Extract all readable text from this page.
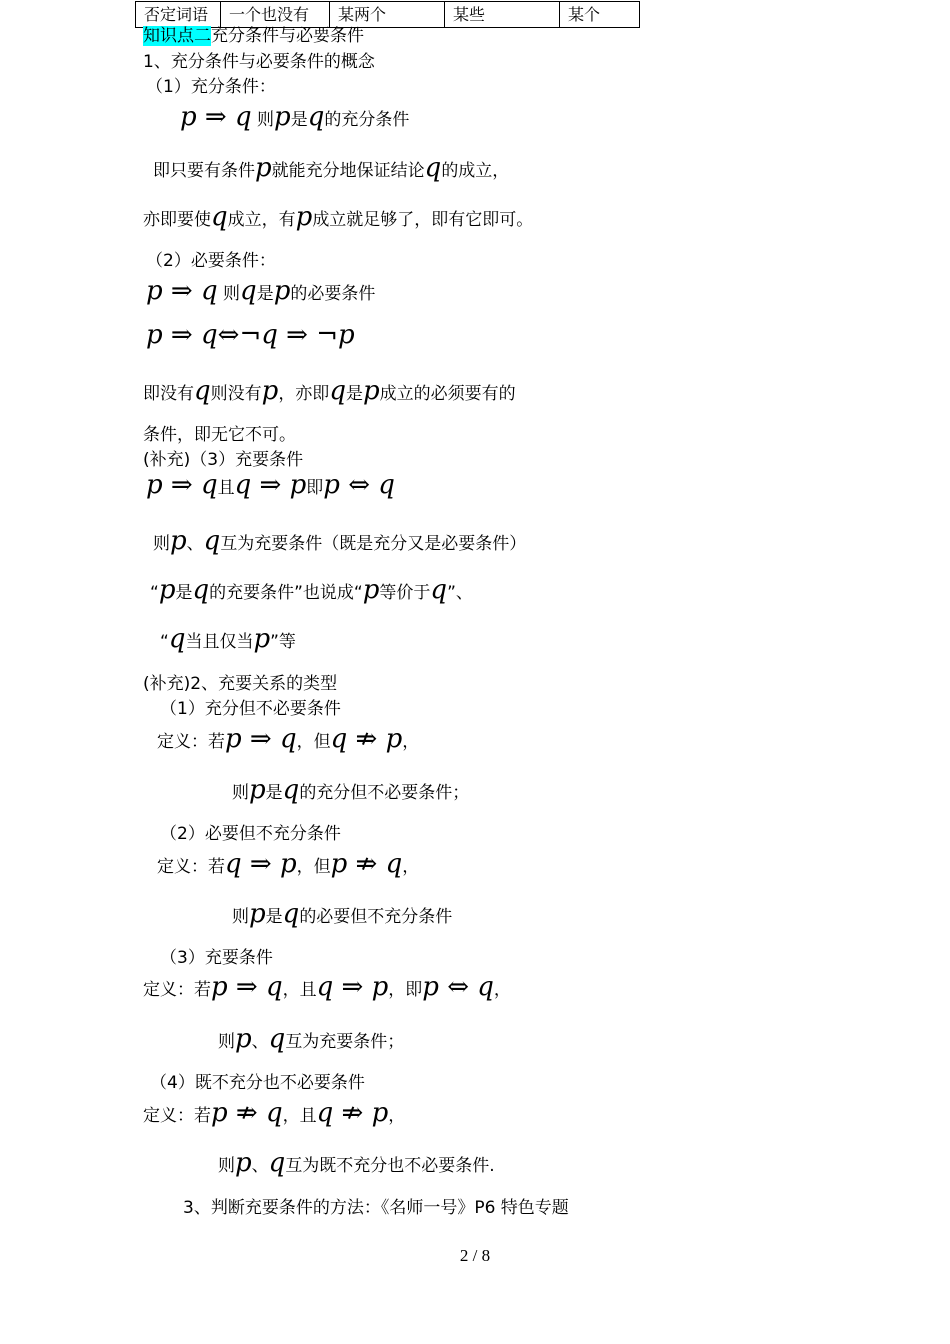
否定词语	一个也没有	某两个	某些	某个
知识点二充分条件与必要条件
1、充分条件与必要条件的概念
（1）充分条件：
p ⇒ q 则p是q的充分条件
即只要有条件p就能充分地保证结论q的成立，
亦即要使q成立，有p成立就足够了，即有它即可。
（2）必要条件：
p ⇒ q 则q是p的必要条件
p ⇒ q⇔¬q ⇒ ¬p
即没有q则没有p，亦即q是p成立的必须要有的
条件，即无它不可。
(补充)（3）充要条件
p ⇒ q且q ⇒ p即p ⇔ q
则p、q互为充要条件（既是充分又是必要条件）
“p是q的充要条件”也说成“p等价于q”、
“q当且仅当p”等
(补充)2、充要关系的类型
（1）充分但不必要条件
定义：若p ⇒ q，但q ⇏ p，
则p是q的充分但不必要条件；
（2）必要但不充分条件
定义：若q ⇒ p，但p ⇏ q，
则p是q的必要但不充分条件
（3）充要条件
定义：若p ⇒ q，且q ⇒ p，即p ⇔ q，
则p、q互为充要条件；
（4）既不充分也不必要条件
定义：若p ⇏ q，且q ⇏ p，
则p、q互为既不充分也不必要条件.
3、判断充要条件的方法：《名师一号》P6 特色专题
2 / 8
